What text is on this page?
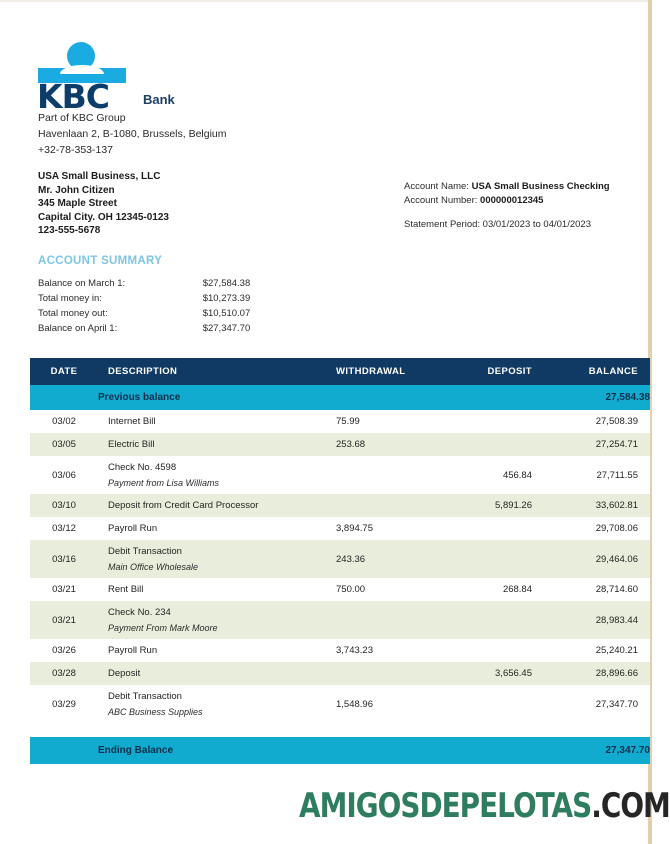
KBC	Bank
Part of KBC Group
Havenlaan 2, B-1080, Brussels, Belgium
+32-78-353-137
USA Small Business, LLC
Mr. John Citizen
345 Maple Street
Capital City. OH 12345-0123
123-555-5678
Account Name: USA Small Business Checking
Account Number: 000000012345
Statement Period: 03/01/2023 to 04/01/2023
ACCOUNT SUMMARY
Balance on March 1:	$27,584.38
Total money in:	$10,273.39
Total money out:	$10,510.07
Balance on April 1:	$27,347.70
DATE	DESCRIPTION	WITHDRAWAL	DEPOSIT	BALANCE
	Previous balance			27,584.38
03/02	Internet Bill	75.99		27,508.39
03/05	Electric Bill	253.68		27,254.71
03/06	Check No. 4598
Payment from Lisa Williams		456.84	27,711.55
03/10	Deposit from Credit Card Processor		5,891.26	33,602.81
03/12	Payroll Run	3,894.75		29,708.06
03/16	Debit Transaction
Main Office Wholesale	243.36		29,464.06
03/21	Rent Bill	750.00	268.84	28,714.60
03/21	Check No. 234
Payment From Mark Moore			28,983.44
03/26	Payroll Run	3,743.23		25,240.21
03/28	Deposit		3,656.45	28,896.66
03/29	Debit Transaction
ABC Business Supplies	1,548.96		27,347.70

	Ending Balance			27,347.70
AMIGOSDEPELOTAS.COM
